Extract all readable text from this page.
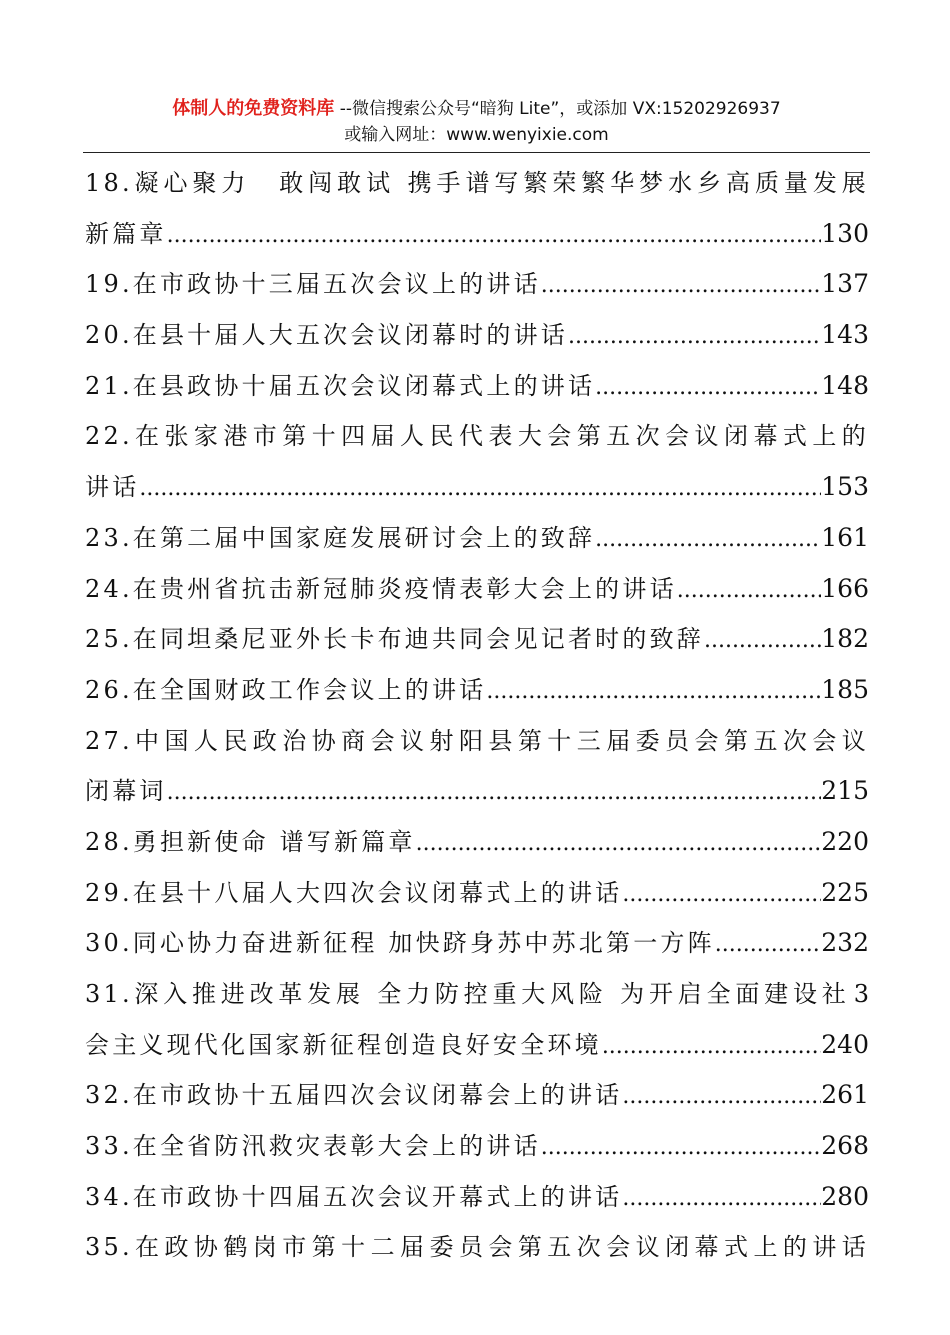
体制人的免费资料库 --微信搜索公众号“暗狗 Lite”，或添加 VX:15202926937
或输入网址：www.wenyixie.com
18.凝心聚力　敢闯敢试 携手谱写繁荣繁华梦水乡高质量发展
新篇章 .....	130
19.在市政协十三届五次会议上的讲话 .....	137
20.在县十届人大五次会议闭幕时的讲话 .....	143
21.在县政协十届五次会议闭幕式上的讲话 .....	148
22.在张家港市第十四届人民代表大会第五次会议闭幕式上的
讲话 .....	153
23.在第二届中国家庭发展研讨会上的致辞 .....	161
24.在贵州省抗击新冠肺炎疫情表彰大会上的讲话 .....	166
25.在同坦桑尼亚外长卡布迪共同会见记者时的致辞 .....	182
26.在全国财政工作会议上的讲话 .....	185
27.中国人民政治协商会议射阳县第十三届委员会第五次会议
闭幕词 .....	215
28.勇担新使命 谱写新篇章 .....	220
29.在县十八届人大四次会议闭幕式上的讲话 .....	225
30.同心协力奋进新征程 加快跻身苏中苏北第一方阵 .....	232
31.深入推进改革发展 全力防控重大风险 为开启全面建设社 3
会主义现代化国家新征程创造良好安全环境 .....	240
32.在市政协十五届四次会议闭幕会上的讲话 .....	261
33.在全省防汛救灾表彰大会上的讲话 .....	268
34.在市政协十四届五次会议开幕式上的讲话 .....	280
35.在政协鹤岗市第十二届委员会第五次会议闭幕式上的讲话
